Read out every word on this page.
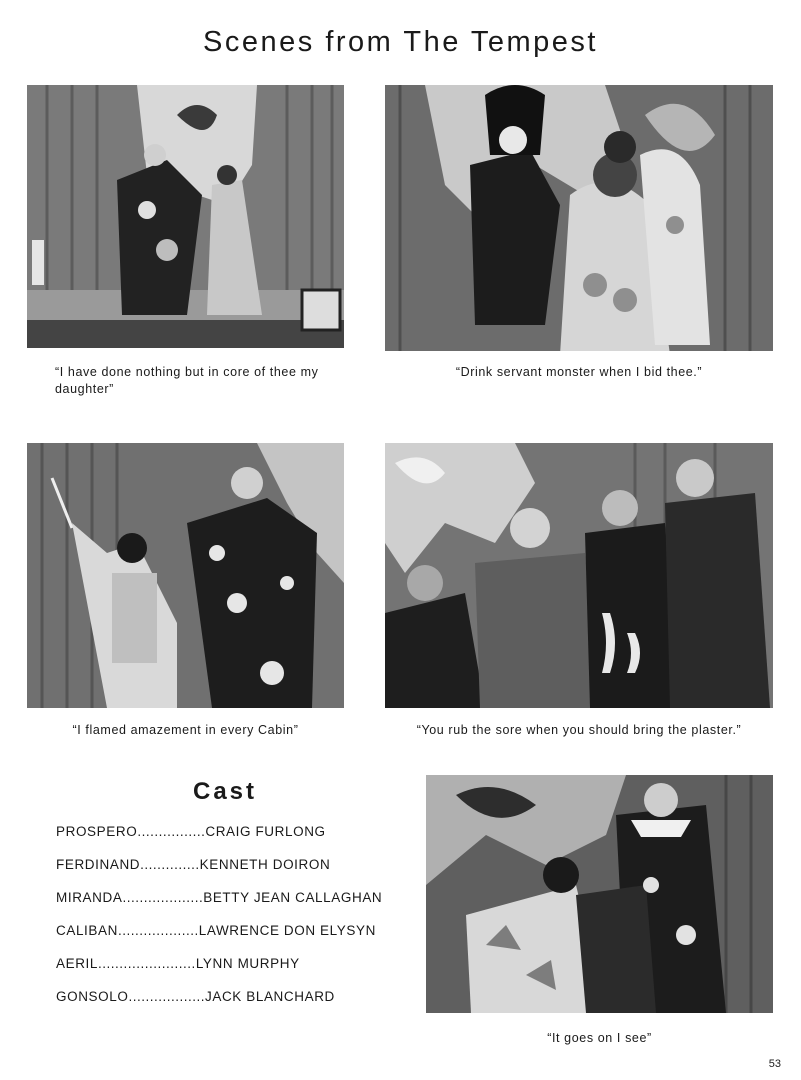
Scenes from The Tempest
“I have done nothing but in core of thee my daughter”
“Drink servant monster when I bid thee.”
“I flamed amazement in every Cabin”	“You rub the sore when you should bring the plaster.”
Cast
PROSPERO ................ CRAIG FURLONG
FERDINAND .............. KENNETH DOIRON
MIRANDA ................... BETTY JEAN CALLAGHAN
CALIBAN ................... LAWRENCE DON ELYSYN
AERIL ....................... LYNN MURPHY
GONSOLO .................. JACK BLANCHARD
“It goes on I see”
53
